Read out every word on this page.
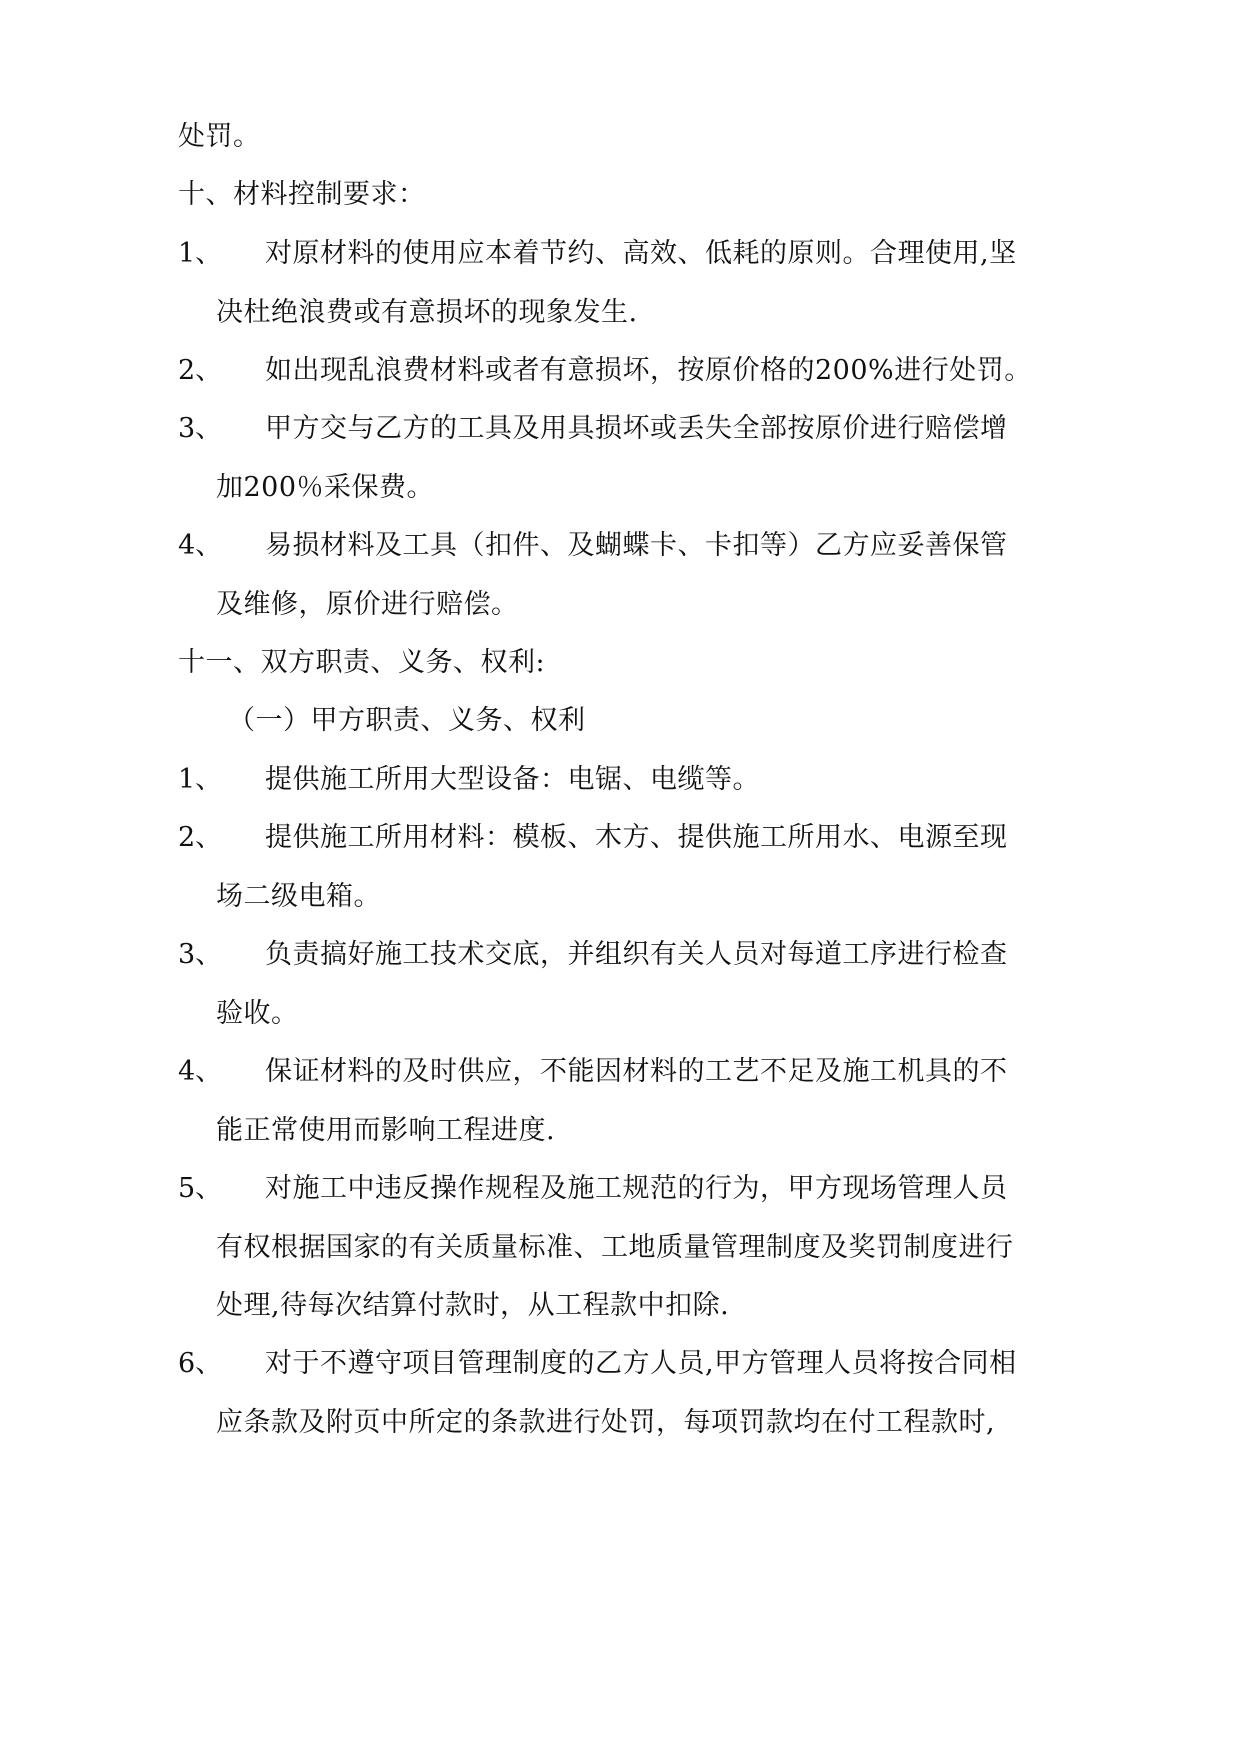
处罚。
十、材料控制要求：
1、 对原材料的使用应本着节约、高效、低耗的原则。合理使用,坚
决杜绝浪费或有意损坏的现象发生.
2、 如出现乱浪费材料或者有意损坏，按原价格的200%进行处罚。
3、 甲方交与乙方的工具及用具损坏或丢失全部按原价进行赔偿增
加200％采保费。
4、 易损材料及工具（扣件、及蝴蝶卡、卡扣等）乙方应妥善保管
及维修，原价进行赔偿。
十一、双方职责、义务、权利:
（一）甲方职责、义务、权利
1、 提供施工所用大型设备：电锯、电缆等。
2、 提供施工所用材料：模板、木方、提供施工所用水、电源至现
场二级电箱。
3、 负责搞好施工技术交底，并组织有关人员对每道工序进行检查
验收。
4、 保证材料的及时供应，不能因材料的工艺不足及施工机具的不
能正常使用而影响工程进度.
5、 对施工中违反操作规程及施工规范的行为，甲方现场管理人员
有权根据国家的有关质量标准、工地质量管理制度及奖罚制度进行
处理,待每次结算付款时，从工程款中扣除.
6、 对于不遵守项目管理制度的乙方人员,甲方管理人员将按合同相
应条款及附页中所定的条款进行处罚，每项罚款均在付工程款时,
